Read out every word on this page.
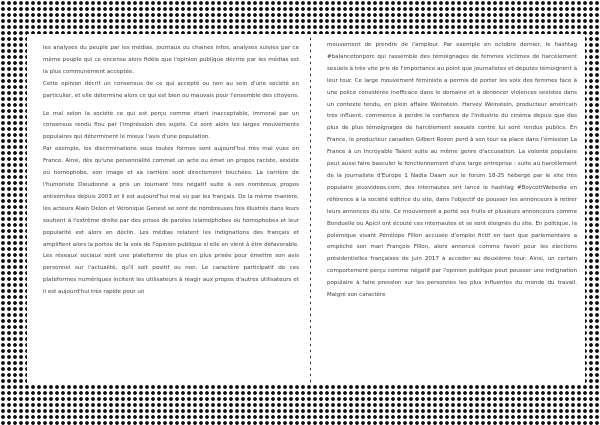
les analyses du peuple par les médias, journaux ou chaines infos, analyses suivies par ce même peuple qui ce encense alors fidèle que l'opinion publique décrite par les médias est la plus communément acceptée.

Cette opinion décrit un consensus de ce qui accepté ou non au sein d'une société en particulier, et elle détermine alors ce qui est bien ou mauvais pour l'ensemble des citoyens.

Le mal selon la société ce qui est perçu comme étant inacceptable, immoral par un consensus rendu flou par l'impréssion des sujets. Ce sont alors les larges mouvements populaires qui déterminent le mieux l'avis d'une population.

Par exemple, les discriminations sous toutes formes sont aujourd'hui très mal vues en France. Ainsi, dès qu'une personnalité commet un acte ou émet un propos raciste, sexiste ou homophobe, son image et sa carrière sont directement touchées. La carrière de l'humoriste Dieudonné a pris un tournant très négatif suite à ses nombreux propos antisémites depuis 2003 et il est aujourd'hui mal vu par les français. De la même manière, les acteurs Alain Delon et Véronique Genest se sont de nombreuses fois illustrés dans leurs soutient à l'extrême droite par des prises de paroles islamophobes ou homophobes et leur popularité est alors en déclin. Les médias relatent les indignations des français et amplifient alors la portée de la voix de l'opinion publique si elle en vient à être défavorable. Les réseaux sociaux sont une plateforme de plus en plus prisée pour émettre son avis personnel sur l'actualité, qu'il soit positif ou non. Le caractère participatif de ces plateformes numériques incitent les utilisateurs à réagir aux propos d'autres utilisateurs et il est aujourd'hui très rapide pour un

mouvement de prendre de l'ampleur. Par exemple en octobre dernier, le hashtag #balancetonporc qui rassemble des témoignages de femmes victimes de harcèlement sexuels à très vite pris de l'importance au point que journalistes et députés témoignent à leur tour. Ce large mouvement féministe a permis de porter les voix des femmes face à une police considérée inefficace dans le domaine et à dénoncer violences sexistes dans un contexte tendu, en plein affaire Weinstein. Harvey Weinstein, producteur américain très influent, commence à perdre la confiance de l'industrie du cinéma depuis que des plus de plus témoignages de harcèlement sexuels contre lui sont rendus publics. En France, le producteur canadien Gilbert Rozon perd à son tour sa place dans l'émission La France à un Incroyable Talent suite au même genre d'accusation. La volonté populaire peut aussi faire basculer le fonctionnement d'une large entreprise : suite au harcèlement de la journaliste d'Europe 1 Nadia Daam sur le forum 18-25 hébergé par le site très populaire jeuxvideos.com, des internautes ont lancé le hashtag #BoycottWebedia en référence à la société éditrice du site, dans l'objectif de pousser les annonceurs à retirer leurs annonces du site. Ce mouvement a porté ses fruits et plusieurs annonceurs comme Bonduelle ou Apicil ont écouté ces internautes et se sont éloignés du site. En politique, la polémique visant Pénélope Fillon accusée d'emploi fictif en tant que parlementaire a empêché son mari François Fillon, alors annoncé comme favori pour les élections présidentielles françaises de juin 2017 à accéder au deuxième tour. Ainsi, un certain comportement perçu comme négatif par l'opinion publique peut pousser une indignation populaire à faire pression sur les personnes les plus influentes du monde du travail. Malgré son caractère
